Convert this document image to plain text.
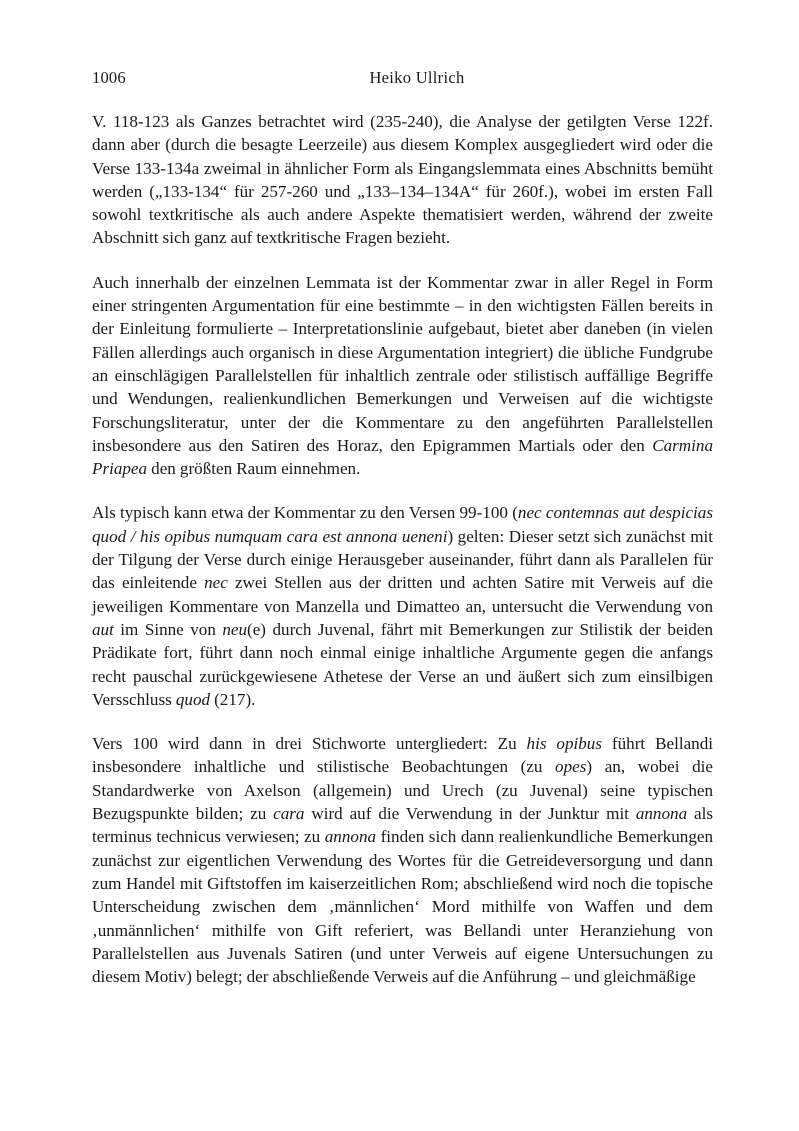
1006	Heiko Ullrich

V. 118-123 als Ganzes betrachtet wird (235-240), die Analyse der getilgten Verse 122f. dann aber (durch die besagte Leerzeile) aus diesem Komplex ausgegliedert wird oder die Verse 133-134a zweimal in ähnlicher Form als Eingangslemmata eines Abschnitts bemüht werden („133-134“ für 257-260 und „133–134–134A“ für 260f.), wobei im ersten Fall sowohl textkritische als auch andere Aspekte thematisiert werden, während der zweite Abschnitt sich ganz auf textkritische Fragen bezieht.

Auch innerhalb der einzelnen Lemmata ist der Kommentar zwar in aller Regel in Form einer stringenten Argumentation für eine bestimmte – in den wichtigsten Fällen bereits in der Einleitung formulierte – Interpretationslinie aufgebaut, bietet aber daneben (in vielen Fällen allerdings auch organisch in diese Argumentation integriert) die übliche Fundgrube an einschlägigen Parallelstellen für inhaltlich zentrale oder stilistisch auffällige Begriffe und Wendungen, realienkundlichen Bemerkungen und Verweisen auf die wichtigste Forschungsliteratur, unter der die Kommentare zu den angeführten Parallelstellen insbesondere aus den Satiren des Horaz, den Epigrammen Martials oder den Carmina Priapea den größten Raum einnehmen.

Als typisch kann etwa der Kommentar zu den Versen 99-100 (nec contemnas aut despicias quod / his opibus numquam cara est annona ueneni) gelten: Dieser setzt sich zunächst mit der Tilgung der Verse durch einige Herausgeber auseinander, führt dann als Parallelen für das einleitende nec zwei Stellen aus der dritten und achten Satire mit Verweis auf die jeweiligen Kommentare von Manzella und Dimatteo an, untersucht die Verwendung von aut im Sinne von neu(e) durch Juvenal, fährt mit Bemerkungen zur Stilistik der beiden Prädikate fort, führt dann noch einmal einige inhaltliche Argumente gegen die anfangs recht pauschal zurückgewiesene Athetese der Verse an und äußert sich zum einsilbigen Versschluss quod (217).

Vers 100 wird dann in drei Stichworte untergliedert: Zu his opibus führt Bellandi insbesondere inhaltliche und stilistische Beobachtungen (zu opes) an, wobei die Standardwerke von Axelson (allgemein) und Urech (zu Juvenal) seine typischen Bezugspunkte bilden; zu cara wird auf die Verwendung in der Junktur mit annona als terminus technicus verwiesen; zu annona finden sich dann realienkundliche Bemerkungen zunächst zur eigentlichen Verwendung des Wortes für die Getreideversorgung und dann zum Handel mit Giftstoffen im kaiserzeitlichen Rom; abschließend wird noch die topische Unterscheidung zwischen dem ‚männlichen‘ Mord mithilfe von Waffen und dem ‚unmännlichen‘ mithilfe von Gift referiert, was Bellandi unter Heranziehung von Parallelstellen aus Juvenals Satiren (und unter Verweis auf eigene Untersuchungen zu diesem Motiv) belegt; der abschließende Verweis auf die Anführung – und gleichmäßige
